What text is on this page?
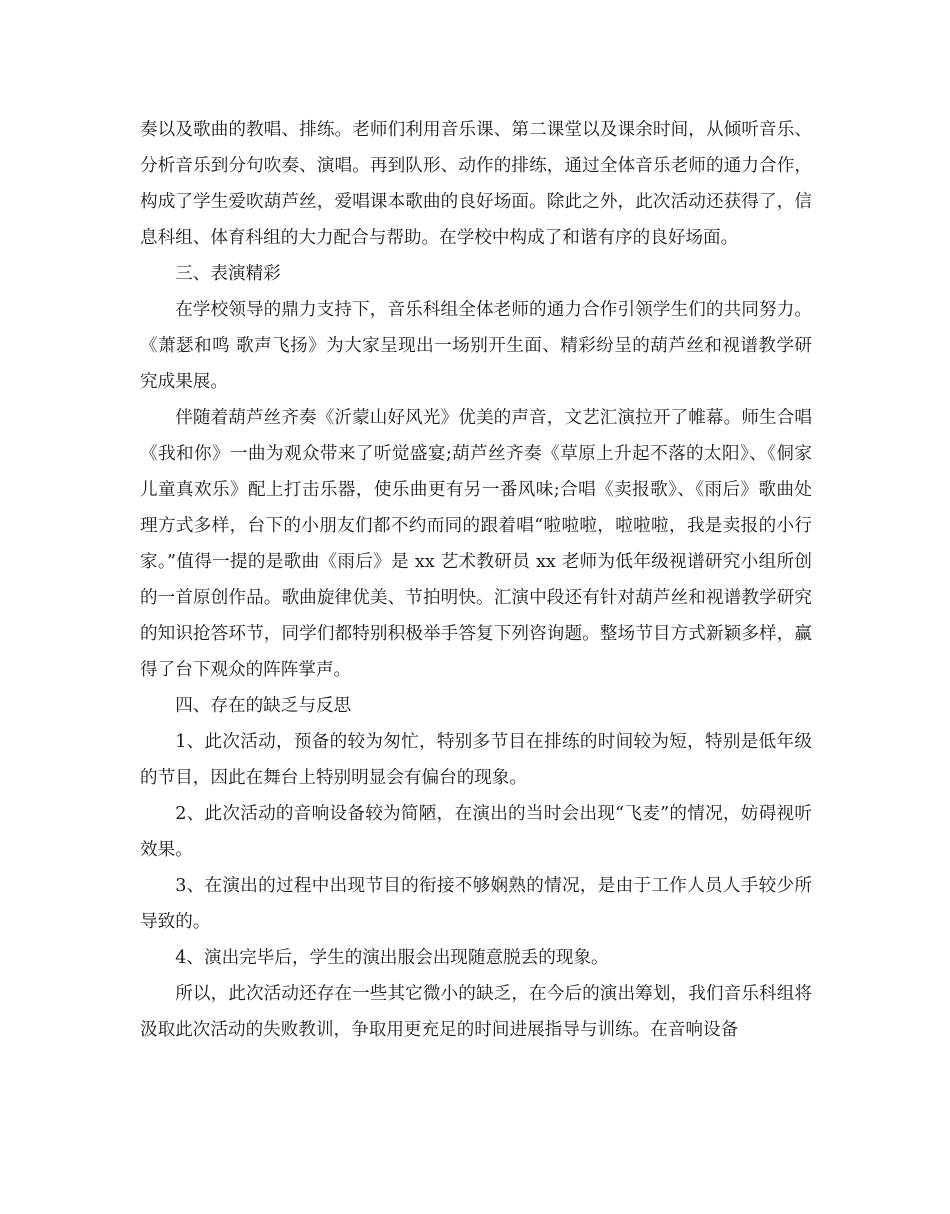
奏以及歌曲的教唱、排练。老师们利用音乐课、第二课堂以及课余时间，从倾听音乐、分析音乐到分句吹奏、演唱。再到队形、动作的排练，通过全体音乐老师的通力合作，构成了学生爱吹葫芦丝，爱唱课本歌曲的良好场面。除此之外，此次活动还获得了，信息科组、体育科组的大力配合与帮助。在学校中构成了和谐有序的良好场面。

三、表演精彩

在学校领导的鼎力支持下，音乐科组全体老师的通力合作引领学生们的共同努力。《萧瑟和鸣 歌声飞扬》为大家呈现出一场别开生面、精彩纷呈的葫芦丝和视谱教学研究成果展。

伴随着葫芦丝齐奏《沂蒙山好风光》优美的声音，文艺汇演拉开了帷幕。师生合唱《我和你》一曲为观众带来了听觉盛宴;葫芦丝齐奏《草原上升起不落的太阳》、《侗家儿童真欢乐》配上打击乐器，使乐曲更有另一番风味;合唱《卖报歌》、《雨后》歌曲处理方式多样，台下的小朋友们都不约而同的跟着唱“啦啦啦，啦啦啦，我是卖报的小行家。”值得一提的是歌曲《雨后》是 xx 艺术教研员 xx 老师为低年级视谱研究小组所创的一首原创作品。歌曲旋律优美、节拍明快。汇演中段还有针对葫芦丝和视谱教学研究的知识抢答环节，同学们都特别积极举手答复下列咨询题。整场节目方式新颖多样，赢得了台下观众的阵阵掌声。

四、存在的缺乏与反思

1、此次活动，预备的较为匆忙，特别多节目在排练的时间较为短，特别是低年级的节目，因此在舞台上特别明显会有偏台的现象。

2、此次活动的音响设备较为简陋，在演出的当时会出现“飞麦”的情况，妨碍视听效果。

3、在演出的过程中出现节目的衔接不够娴熟的情况，是由于工作人员人手较少所导致的。

4、演出完毕后，学生的演出服会出现随意脱丢的现象。

所以，此次活动还存在一些其它微小的缺乏，在今后的演出筹划，我们音乐科组将汲取此次活动的失败教训，争取用更充足的时间进展指导与训练。在音响设备
